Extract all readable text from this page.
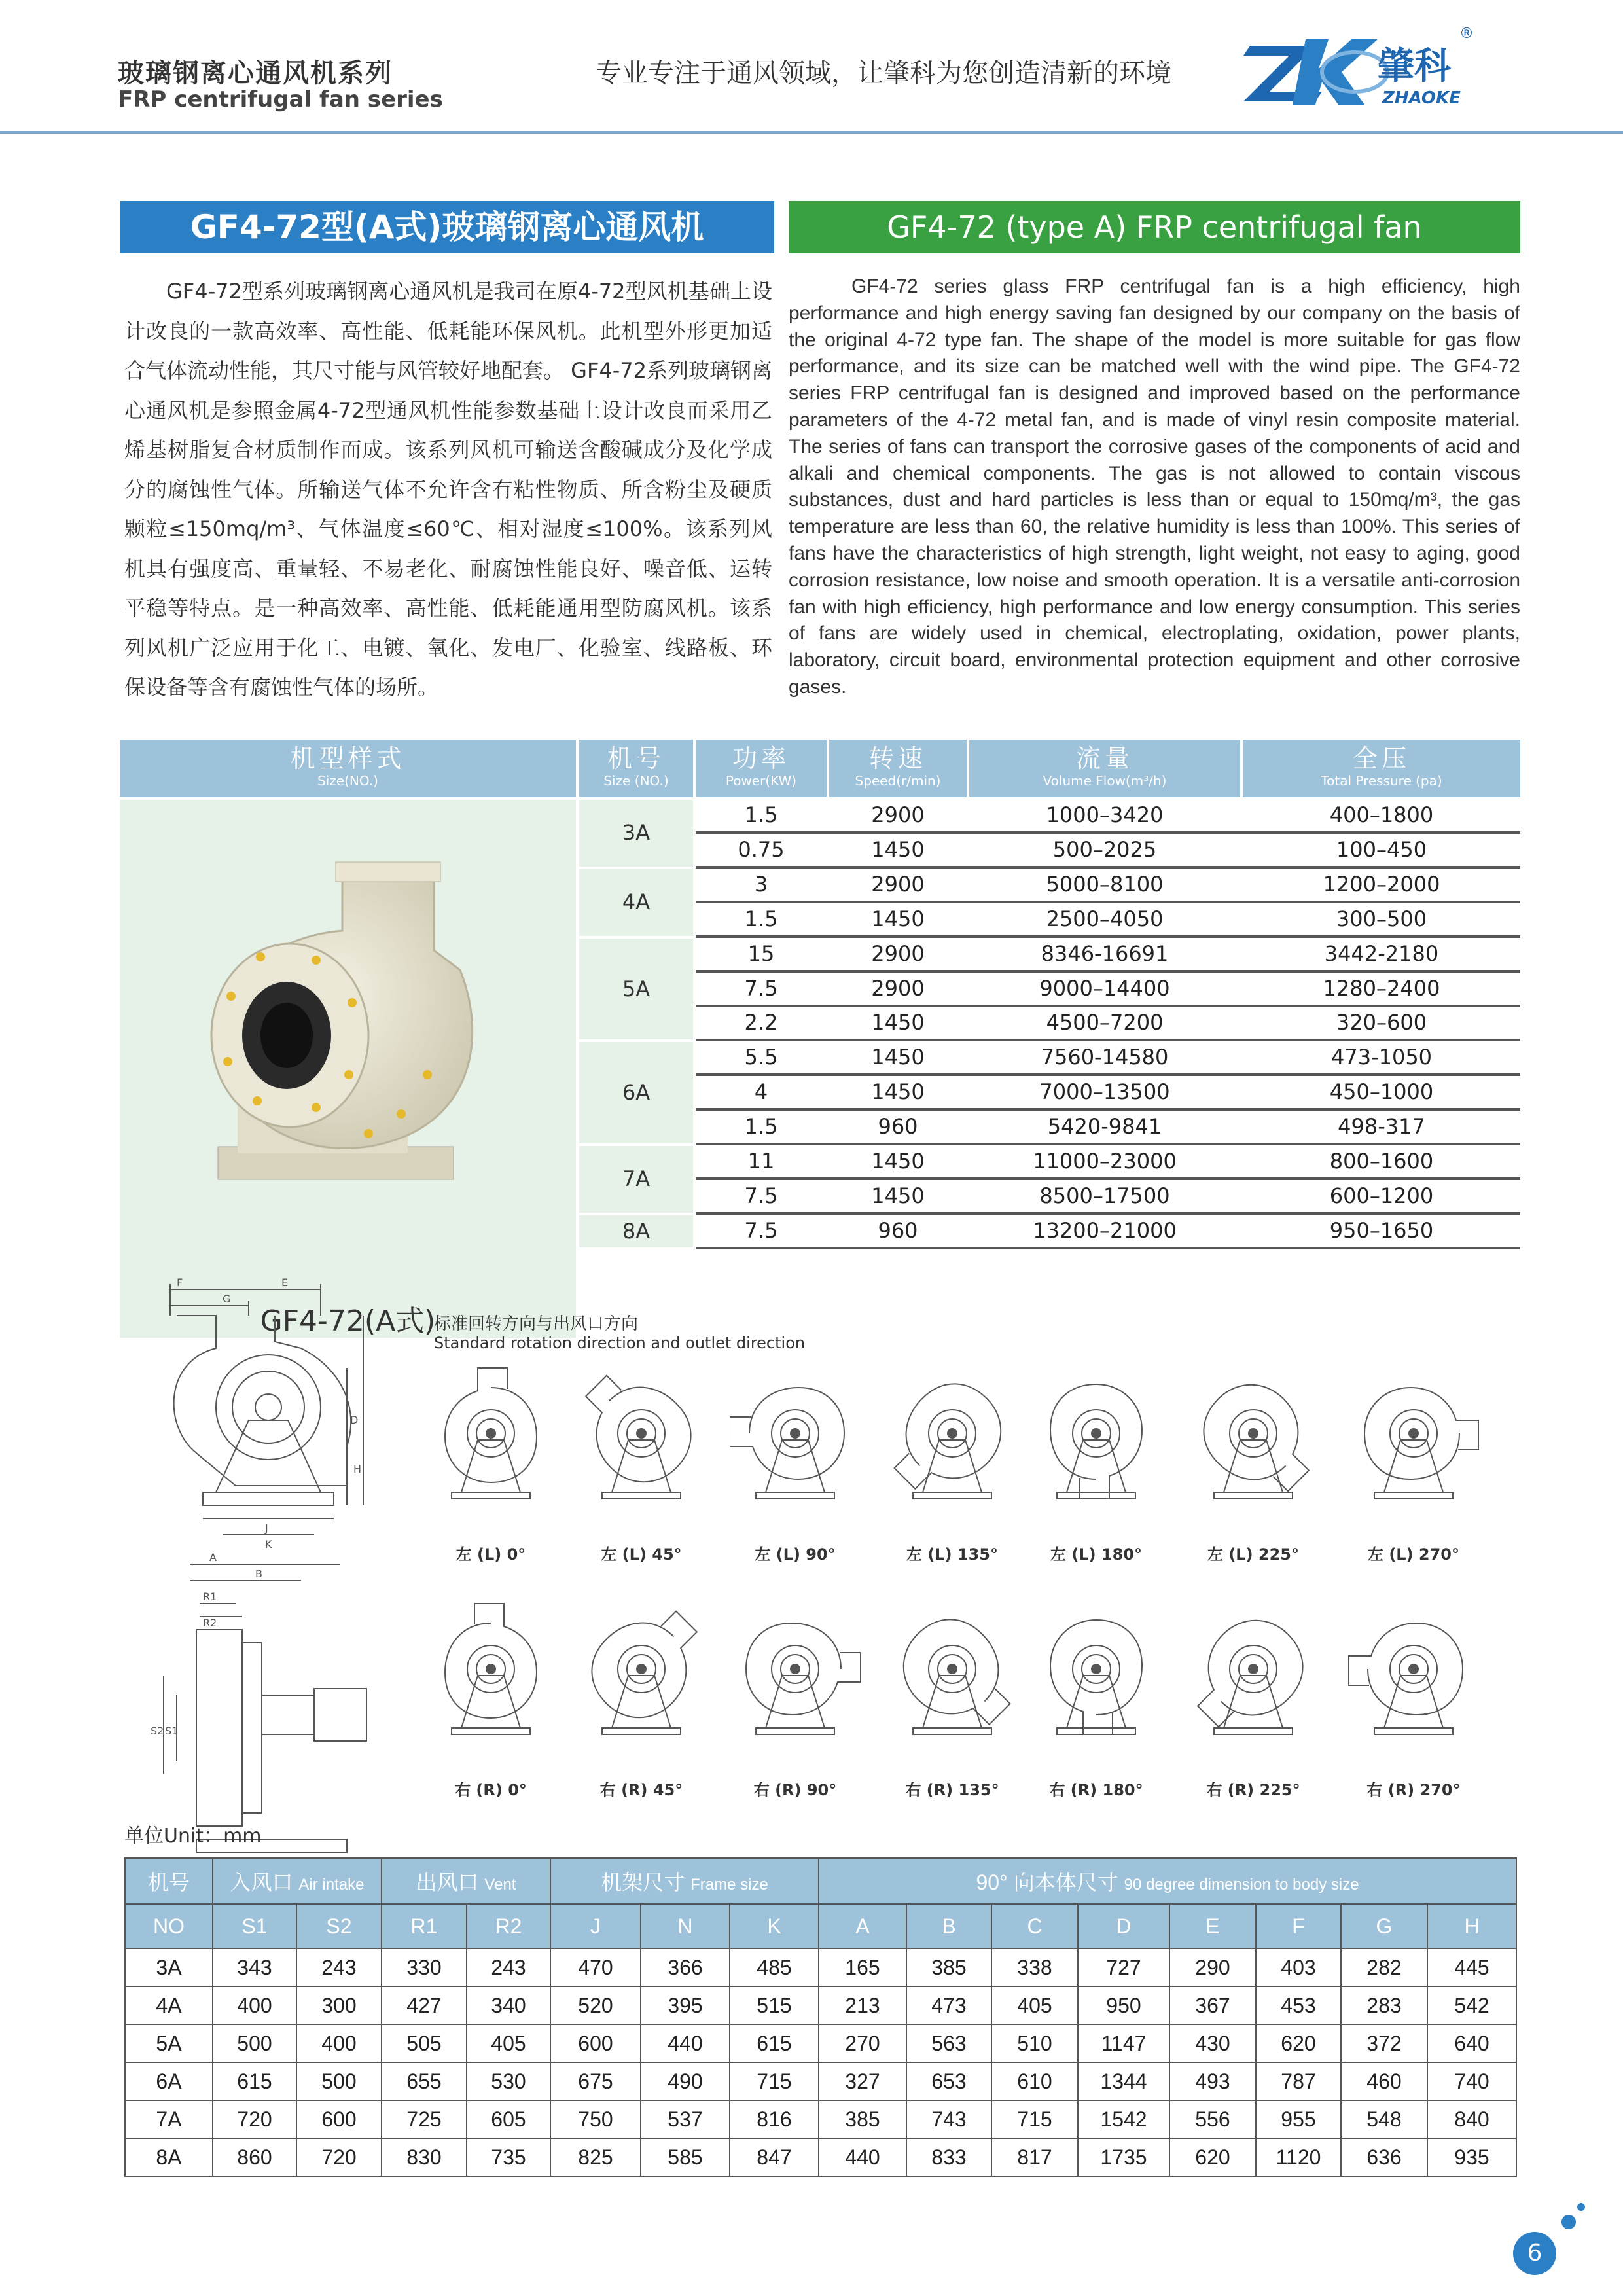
玻璃钢离心通风机系列
FRP centrifugal fan series
专业专注于通风领域，让肇科为您创造清新的环境	肇科
ZHAOKE
®
GF4-72型(A式)玻璃钢离心通风机	GF4-72 (type A) FRP centrifugal fan
GF4-72型系列玻璃钢离心通风机是我司在原4-72型风机基础上设计改良的一款高效率、高性能、低耗能环保风机。此机型外形更加适合气体流动性能，其尺寸能与风管较好地配套。 GF4-72系列玻璃钢离心通风机是参照金属4-72型通风机性能参数基础上设计改良而采用乙烯基树脂复合材质制作而成。该系列风机可输送含酸碱成分及化学成分的腐蚀性气体。所输送气体不允许含有粘性物质、所含粉尘及硬质颗粒≤150mq/m³、气体温度≤60℃、相对湿度≤100%。该系列风机具有强度高、重量轻、不易老化、耐腐蚀性能良好、噪音低、运转平稳等特点。是一种高效率、高性能、低耗能通用型防腐风机。该系列风机广泛应用于化工、电镀、氧化、发电厂、化验室、线路板、环保设备等含有腐蚀性气体的场所。
GF4-72 series glass FRP centrifugal fan is a high efficiency, high performance and high energy saving fan designed by our company on the basis of the original 4-72 type fan. The shape of the model is more suitable for gas flow performance, and its size can be matched well with the wind pipe. The GF4-72 series FRP centrifugal fan is designed and improved based on the performance parameters of the 4-72 metal fan, and is made of vinyl resin composite material. The series of fans can transport the corrosive gases of the components of acid and alkali and chemical components. The gas is not allowed to contain viscous substances, dust and hard particles is less than or equal to 150mq/m³, the gas temperature are less than 60, the relative humidity is less than 100%. This series of fans have the characteristics of high strength, light weight, not easy to aging, good corrosion resistance, low noise and smooth operation. It is a versatile anti-corrosion fan with high efficiency, high performance and low energy consumption. This series of fans are widely used in chemical, electroplating, oxidation, power plants, laboratory, circuit board, environmental protection equipment and other corrosive gases.
机型样式
Size(NO.)
机号
Size (NO.)
功率
Power(KW)
转速
Speed(r/min)
流量
Volume Flow(m³/h)
全压
Total Pressure (pa)
GF4-72(A式)
3A
1.5	2900	1000–3420	400–1800
0.75	1450	500–2025	100–450
4A
3	2900	5000–8100	1200–2000
1.5	1450	2500–4050	300–500
5A
15	2900	8346-16691	3442-2180
7.5	2900	9000–14400	1280–2400
2.2	1450	4500–7200	320–600
6A
5.5	1450	7560-14580	473-1050
4	1450	7000–13500	450–1000
1.5	960	5420-9841	498-317
7A
11	1450	11000–23000	800–1600
7.5	1450	8500–17500	600–1200
8A	7.5	960	13200–21000	950–1650
F
G
E
D
H
J
K
A
B
R1
R2
S2 S1
标准回转方向与出风口方向
Standard rotation direction and outlet direction
左 (L) 0°	左 (L) 45°	左 (L) 90°	左 (L) 135°	左 (L) 180°	左 (L) 225°	左 (L) 270°
右 (R) 0°	右 (R) 45°	右 (R) 90°	右 (R) 135°	右 (R) 180°	右 (R) 225°	右 (R) 270°
单位Unit：mm
机号	入风口 Air intake		出风口 Vent		机架尺寸 Frame size			90° 向本体尺寸 90 degree dimension to body size							
NO	S1	S2	R1	R2	J	N	K	A	B	C	D	E	F	G	H
3A	343	243	330	243	470	366	485	165	385	338	727	290	403	282	445
4A	400	300	427	340	520	395	515	213	473	405	950	367	453	283	542
5A	500	400	505	405	600	440	615	270	563	510	1147	430	620	372	640
6A	615	500	655	530	675	490	715	327	653	610	1344	493	787	460	740
7A	720	600	725	605	750	537	816	385	743	715	1542	556	955	548	840
8A	860	720	830	735	825	585	847	440	833	817	1735	620	1120	636	935
6
